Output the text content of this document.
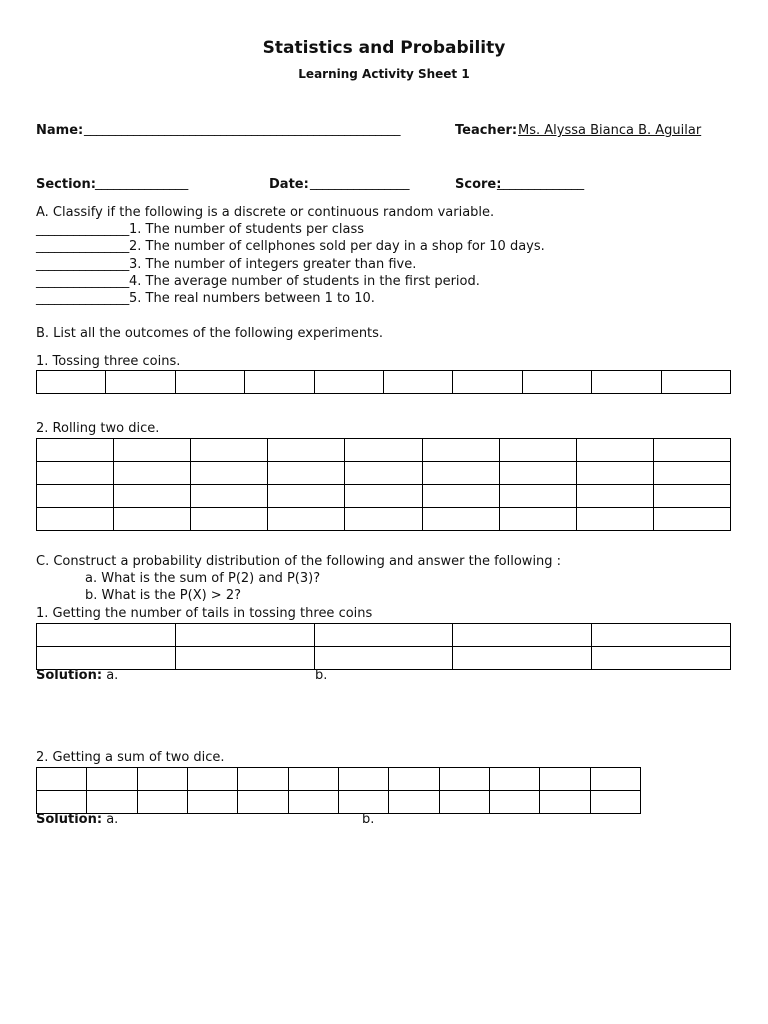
Statistics and Probability
Learning Activity Sheet 1
Name: ___________________________________________________	Teacher: Ms. Alyssa Bianca B. Aguilar
Section: _______________	Date: ________________	Score:
______________
A. Classify if the following is a discrete or continuous random variable.
_______________1. The number of students per class
_______________2. The number of cellphones sold per day in a shop for 10 days.
_______________3. The number of integers greater than five.
_______________4. The average number of students in the first period.
_______________5. The real numbers between 1 to 10.
B. List all the outcomes of the following experiments.
1. Tossing three coins.

2. Rolling two dice.

C. Construct a probability distribution of the following and answer the following :
a. What is the sum of P(2) and P(3)?
b. What is the P(X) > 2?
1. Getting the number of tails in tossing three coins

Solution: a.	b.
2. Getting a sum of two dice.

Solution: a.	b.
